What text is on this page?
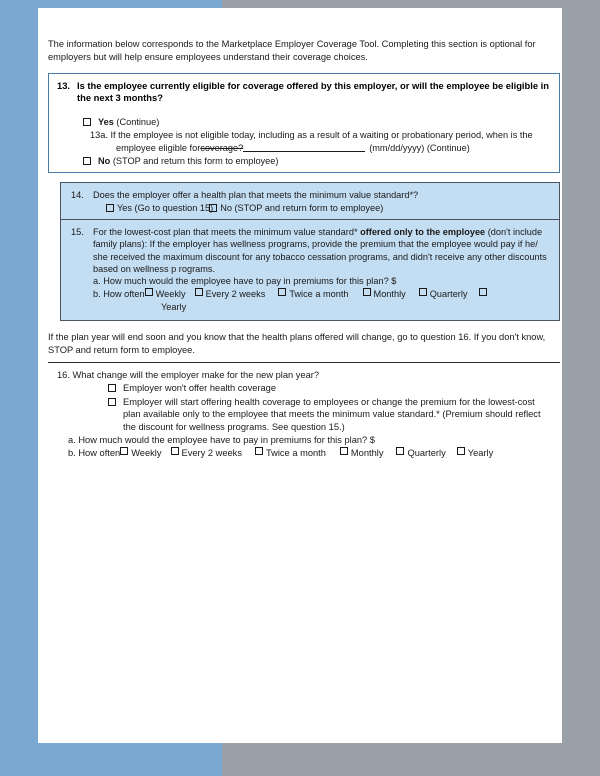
The information below corresponds to the Marketplace Employer Coverage Tool. Completing this section is optional for employers but will help ensure employees understand their coverage choices.
13. Is the employee currently eligible for coverage offered by this employer, or will the employee be eligible in the next 3 months?
Yes (Continue)
13a. If the employee is not eligible today, including as a result of a waiting or probationary period, when is the employee eligible forcoverage?	(mm/dd/yyyy) (Continue)
No (STOP and return this form to employee)
14.	Does the employer offer a health plan that meets the minimum value standard*?
Yes (Go to question 15) No (STOP and return form to employee)
15.	For the lowest-cost plan that meets the minimum value standard* offered only to the employee (don't include family plans): If the employer has wellness programs, provide the premium that the employee would pay if he/ she received the maximum discount for any tobacco cessation programs, and didn't receive any other discounts based on wellness p rograms.
a. How much would the employee have to pay in premiums for this plan? $
b. How often Weekly Every 2 weeks	Twice a month	Monthly	Quarterly
Yearly
If the plan year will end soon and you know that the health plans offered will change, go to question 16. If you don't know, STOP and return form to employee.
16. What change will the employer make for the new plan year?
Employer won't offer health coverage
Employer will start offering health coverage to employees or change the premium for the lowest-cost plan available only to the employee that meets the minimum value standard.* (Premium should reflect the discount for wellness programs. See question 15.)
a. How much would the employee have to pay in premiums for this plan? $
b. How often Weekly Every 2 weeks	Twice a month	Monthly	Quarterly Yearly
